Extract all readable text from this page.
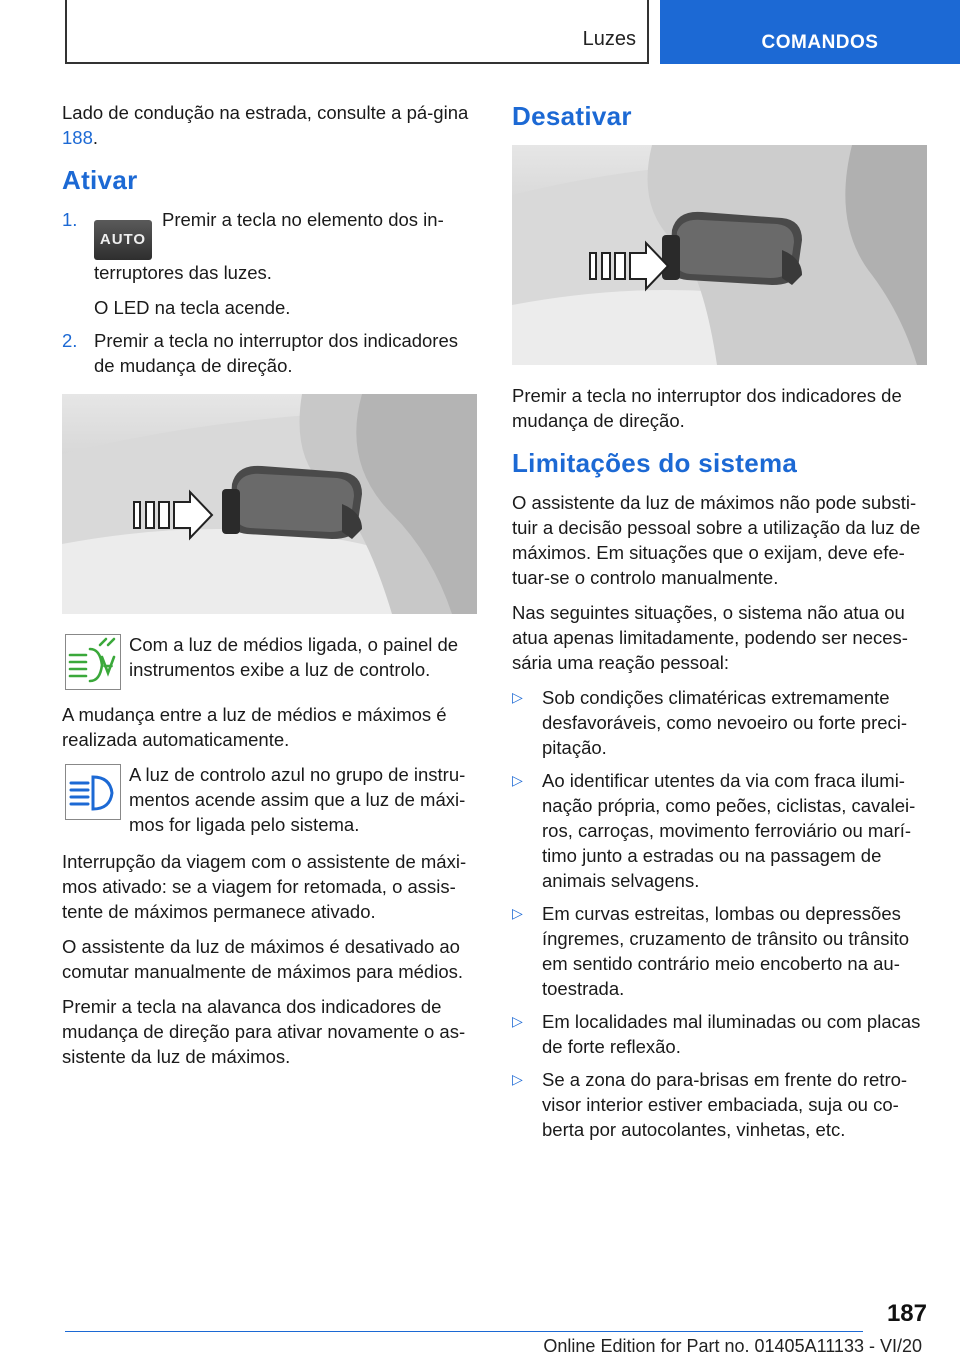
Luzes	COMANDOS

Lado de condução na estrada, consulte a pá-gina 188.

Ativar
1.
AUTOPremir a tecla no elemento dos in-terruptores das luzes.
O LED na tecla acende.
2. Premir a tecla no interruptor dos indicadores de mudança de direção.
Com a luz de médios ligada, o painel de instrumentos exibe a luz de controlo.

A mudança entre a luz de médios e máximos é realizada automaticamente.

A luz de controlo azul no grupo de instru-mentos acende assim que a luz de máxi-mos for ligada pelo sistema.

Interrupção da viagem com o assistente de máxi-mos ativado: se a viagem for retomada, o assis-tente de máximos permanece ativado.

O assistente da luz de máximos é desativado ao comutar manualmente de máximos para médios.

Premir a tecla na alavanca dos indicadores de mudança de direção para ativar novamente o as-sistente da luz de máximos.

Desativar

Premir a tecla no interruptor dos indicadores de mudança de direção.

Limitações do sistema

O assistente da luz de máximos não pode substi-tuir a decisão pessoal sobre a utilização da luz de máximos. Em situações que o exijam, deve efe-tuar-se o controlo manualmente.

Nas seguintes situações, o sistema não atua ou atua apenas limitadamente, podendo ser neces-sária uma reação pessoal:

▷ Sob condições climatéricas extremamente desfavoráveis, como nevoeiro ou forte preci-pitação.
▷ Ao identificar utentes da via com fraca ilumi-nação própria, como peões, ciclistas, cavalei-ros, carroças, movimento ferroviário ou marí-timo junto a estradas ou na passagem de animais selvagens.
▷ Em curvas estreitas, lombas ou depressões íngremes, cruzamento de trânsito ou trânsito em sentido contrário meio encoberto na au-toestrada.
▷ Em localidades mal iluminadas ou com placas de forte reflexão.
▷ Se a zona do para-brisas em frente do retro-visor interior estiver embaciada, suja ou co-berta por autocolantes, vinhetas, etc.
187
Online Edition for Part no. 01405A11133 - VI/20
